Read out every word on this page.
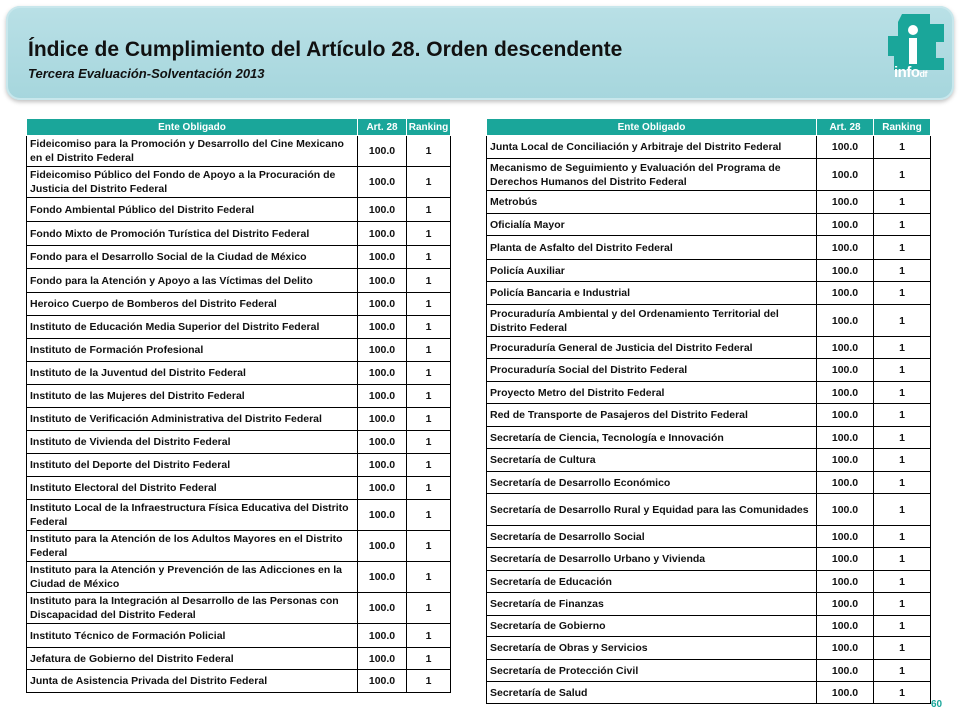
Índice de Cumplimiento del Artículo 28. Orden descendente
Tercera Evaluación-Solventación 2013	infodf
Ente Obligado	Art. 28	Ranking
Fideicomiso para la Promoción y Desarrollo del Cine Mexicano en el Distrito Federal	100.0	1
Fideicomiso Público del Fondo de Apoyo a la Procuración de Justicia del Distrito Federal	100.0	1
Fondo Ambiental Público del Distrito Federal	100.0	1
Fondo Mixto de Promoción Turística del Distrito Federal	100.0	1
Fondo para el Desarrollo Social de la Ciudad de México	100.0	1
Fondo para la Atención y Apoyo a las Víctimas del Delito	100.0	1
Heroico Cuerpo de Bomberos del Distrito Federal	100.0	1
Instituto de Educación Media Superior del Distrito Federal	100.0	1
Instituto de Formación Profesional	100.0	1
Instituto de la Juventud del Distrito Federal	100.0	1
Instituto de las Mujeres del Distrito Federal	100.0	1
Instituto de Verificación Administrativa del Distrito Federal	100.0	1
Instituto de Vivienda del Distrito Federal	100.0	1
Instituto del Deporte del Distrito Federal	100.0	1
Instituto Electoral del Distrito Federal	100.0	1
Instituto Local de la Infraestructura Física Educativa del Distrito Federal	100.0	1
Instituto para la Atención de los Adultos Mayores en el Distrito Federal	100.0	1
Instituto para la Atención y Prevención de las Adicciones en la Ciudad de México	100.0	1
Instituto para la Integración al Desarrollo de las Personas con Discapacidad del Distrito Federal	100.0	1
Instituto Técnico de Formación Policial	100.0	1
Jefatura de Gobierno del Distrito Federal	100.0	1
Junta de Asistencia Privada del Distrito Federal	100.0	1
Ente Obligado	Art. 28	Ranking
Junta Local de Conciliación y Arbitraje del Distrito Federal	100.0	1
Mecanismo de Seguimiento y Evaluación del Programa de Derechos Humanos del Distrito Federal	100.0	1
Metrobús	100.0	1
Oficialía Mayor	100.0	1
Planta de Asfalto del Distrito Federal	100.0	1
Policía Auxiliar	100.0	1
Policía Bancaria e Industrial	100.0	1
Procuraduría Ambiental y del Ordenamiento Territorial del Distrito Federal	100.0	1
Procuraduría General de Justicia del Distrito Federal	100.0	1
Procuraduría Social del Distrito Federal	100.0	1
Proyecto Metro del Distrito Federal	100.0	1
Red de Transporte de Pasajeros del Distrito Federal	100.0	1
Secretaría de Ciencia, Tecnología e Innovación	100.0	1
Secretaría de Cultura	100.0	1
Secretaría de Desarrollo Económico	100.0	1
Secretaría de Desarrollo Rural y Equidad para las Comunidades	100.0	1
Secretaría de Desarrollo Social	100.0	1
Secretaría de Desarrollo Urbano y Vivienda	100.0	1
Secretaría de Educación	100.0	1
Secretaría de Finanzas	100.0	1
Secretaría de Gobierno	100.0	1
Secretaría de Obras y Servicios	100.0	1
Secretaría de Protección Civil	100.0	1
Secretaría de Salud	100.0	1
60
